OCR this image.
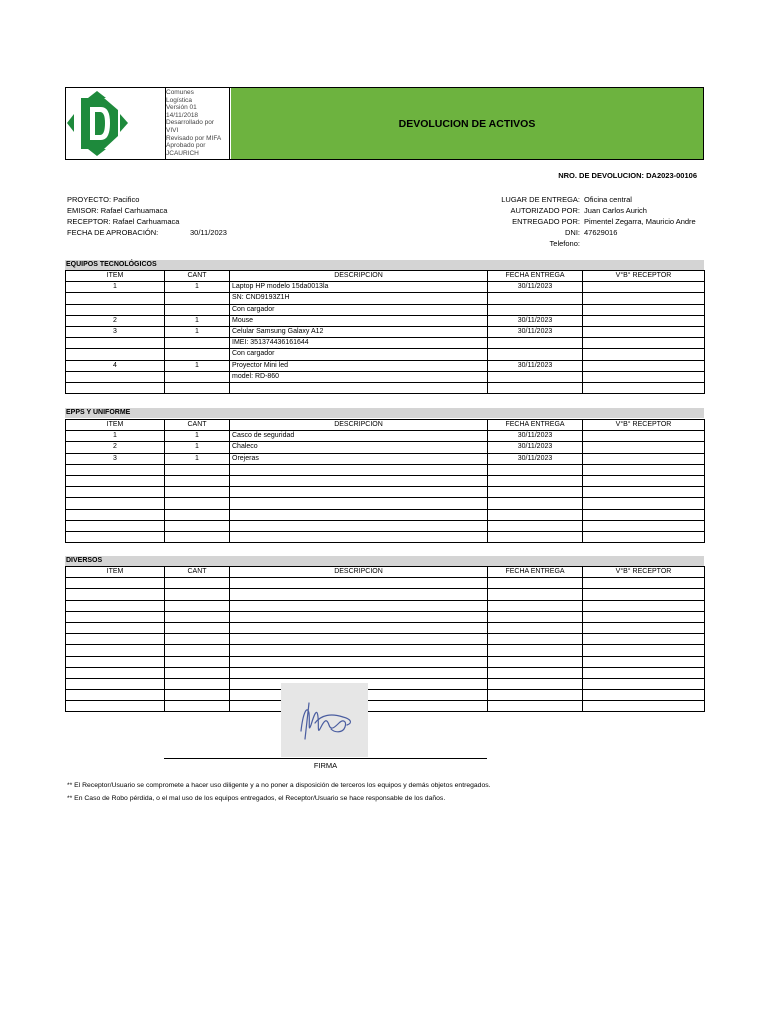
Comunes
Logística
Versión 01
14/11/2018
Desarrollado por
VIVI
Revisado por MIFA
Aprobado por
JCAURICH
DEVOLUCION DE ACTIVOS
NRO. DE DEVOLUCION: DA2023-00106
PROYECTO: Pacifico
EMISOR: Rafael Carhuamaca
RECEPTOR: Rafael Carhuamaca
FECHA DE APROBACIÓN:	30/11/2023
LUGAR DE ENTREGA: Oficina central
AUTORIZADO POR: Juan Carlos Aurich
ENTREGADO POR: Pimentel Zegarra, Mauricio Andre
DNI: 47629016
Telefono:
EQUIPOS TECNOLÓGICOS
ITEM	CANT	DESCRIPCION	FECHA ENTREGA	V°B° RECEPTOR
1	1	Laptop HP modelo 15da0013la	30/11/2023	
		SN: CND9193Z1H		
		Con cargador		
2	1	Mouse	30/11/2023	
3	1	Celular Samsung Galaxy A12	30/11/2023	
		IMEI: 351374436161644		
		Con cargador		
4	1	Proyector Mini led	30/11/2023	
		model: RD-860		

EPPS Y UNIFORME
ITEM	CANT	DESCRIPCION	FECHA ENTREGA	V°B° RECEPTOR
1	1	Casco de seguridad	30/11/2023	
2	1	Chaleco	30/11/2023	
3	1	Orejeras	30/11/2023	

DIVERSOS
ITEM	CANT	DESCRIPCION	FECHA ENTREGA	V°B° RECEPTOR

FIRMA
** El Receptor/Usuario se compromete a hacer uso diligente y a no poner a disposición de terceros los equipos y demás objetos entregados.
** En Caso de Robo pérdida, o el mal uso de los equipos entregados, el Receptor/Usuario se hace responsable de los daños.
